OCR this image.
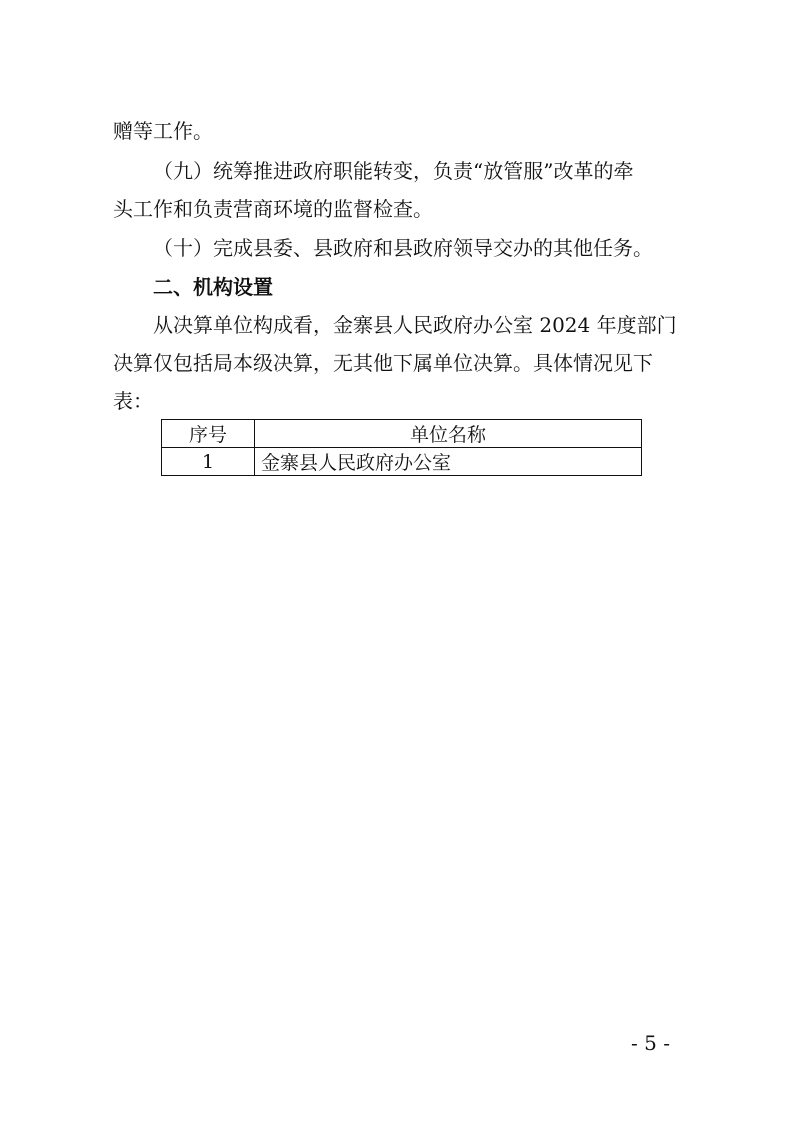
赠等工作。

（九）统筹推进政府职能转变，负责“放管服”改革的牵
头工作和负责营商环境的监督检查。

（十）完成县委、县政府和县政府领导交办的其他任务。

二、机构设置

从决算单位构成看，金寨县人民政府办公室 2024 年度部门
决算仅包括局本级决算，无其他下属单位决算。具体情况见下
表：

序号	单位名称
1	金寨县人民政府办公室
- 5 -
